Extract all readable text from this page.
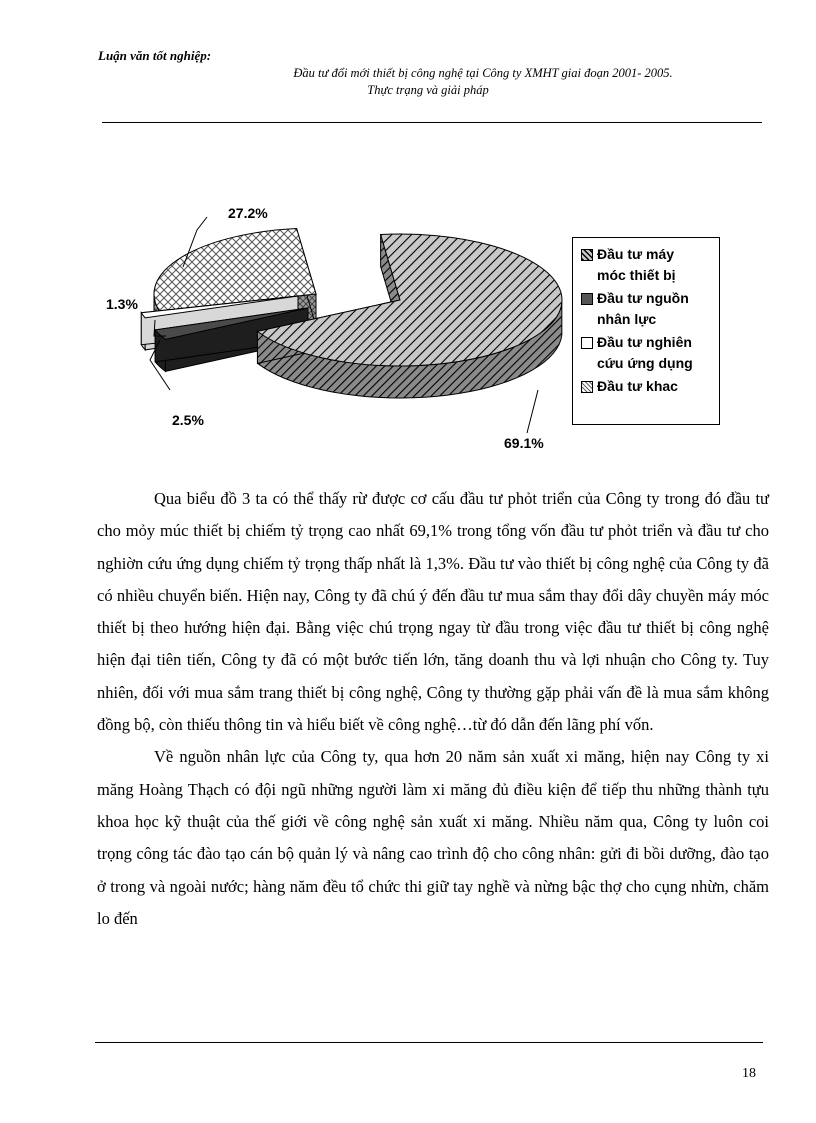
Luận văn tốt nghiệp:
Đầu tư đổi mới thiết bị công nghệ tại Công ty XMHT giai đoạn 2001- 2005.
Thực trạng và giải pháp
27.2%
1.3%
2.5%
69.1%
Đầu tư máy
móc thiết bị
Đầu tư nguồn
nhân lực
Đầu tư nghiên
cứu ứng dụng
Đầu tư khac

Qua biểu đồ 3 ta có thể thấy rừ được cơ cấu đầu tư phỏt triển của Công ty trong đó đầu tư cho mỏy múc thiết bị chiếm tỷ trọng cao nhất 69,1% trong tổng vốn đầu tư phỏt triển và đầu tư cho nghiờn cứu ứng dụng chiếm tỷ trọng thấp nhất là 1,3%. Đầu tư vào thiết bị công nghệ của Công ty đã có nhiều chuyển biến. Hiện nay, Công ty đã chú ý đến đầu tư mua sắm thay đổi dây chuyền máy móc thiết bị theo hướng hiện đại. Bằng việc chú trọng ngay từ đầu trong việc đầu tư thiết bị công nghệ hiện đại tiên tiến, Công ty đã có một bước tiến lớn, tăng doanh thu và lợi nhuận cho Công ty. Tuy nhiên, đối với mua sắm trang thiết bị công nghệ, Công ty thường gặp phải vấn đề là mua sắm không đồng bộ, còn thiếu thông tin và hiểu biết về công nghệ…từ đó dẫn đến lãng phí vốn.

Về nguồn nhân lực của Công ty, qua hơn 20 năm sản xuất xi măng, hiện nay Công ty xi măng Hoàng Thạch có đội ngũ những người làm xi măng đủ điều kiện để tiếp thu những thành tựu khoa học kỹ thuật của thế giới về công nghệ sản xuất xi măng. Nhiều năm qua, Công ty luôn coi trọng công tác đào tạo cán bộ quản lý và nâng cao trình độ cho công nhân: gửi đi bồi dưỡng, đào tạo ở trong và ngoài nước; hàng năm đều tổ chức thi giữ tay nghề và nừng bậc thợ cho cụng nhừn, chăm lo đến

18
